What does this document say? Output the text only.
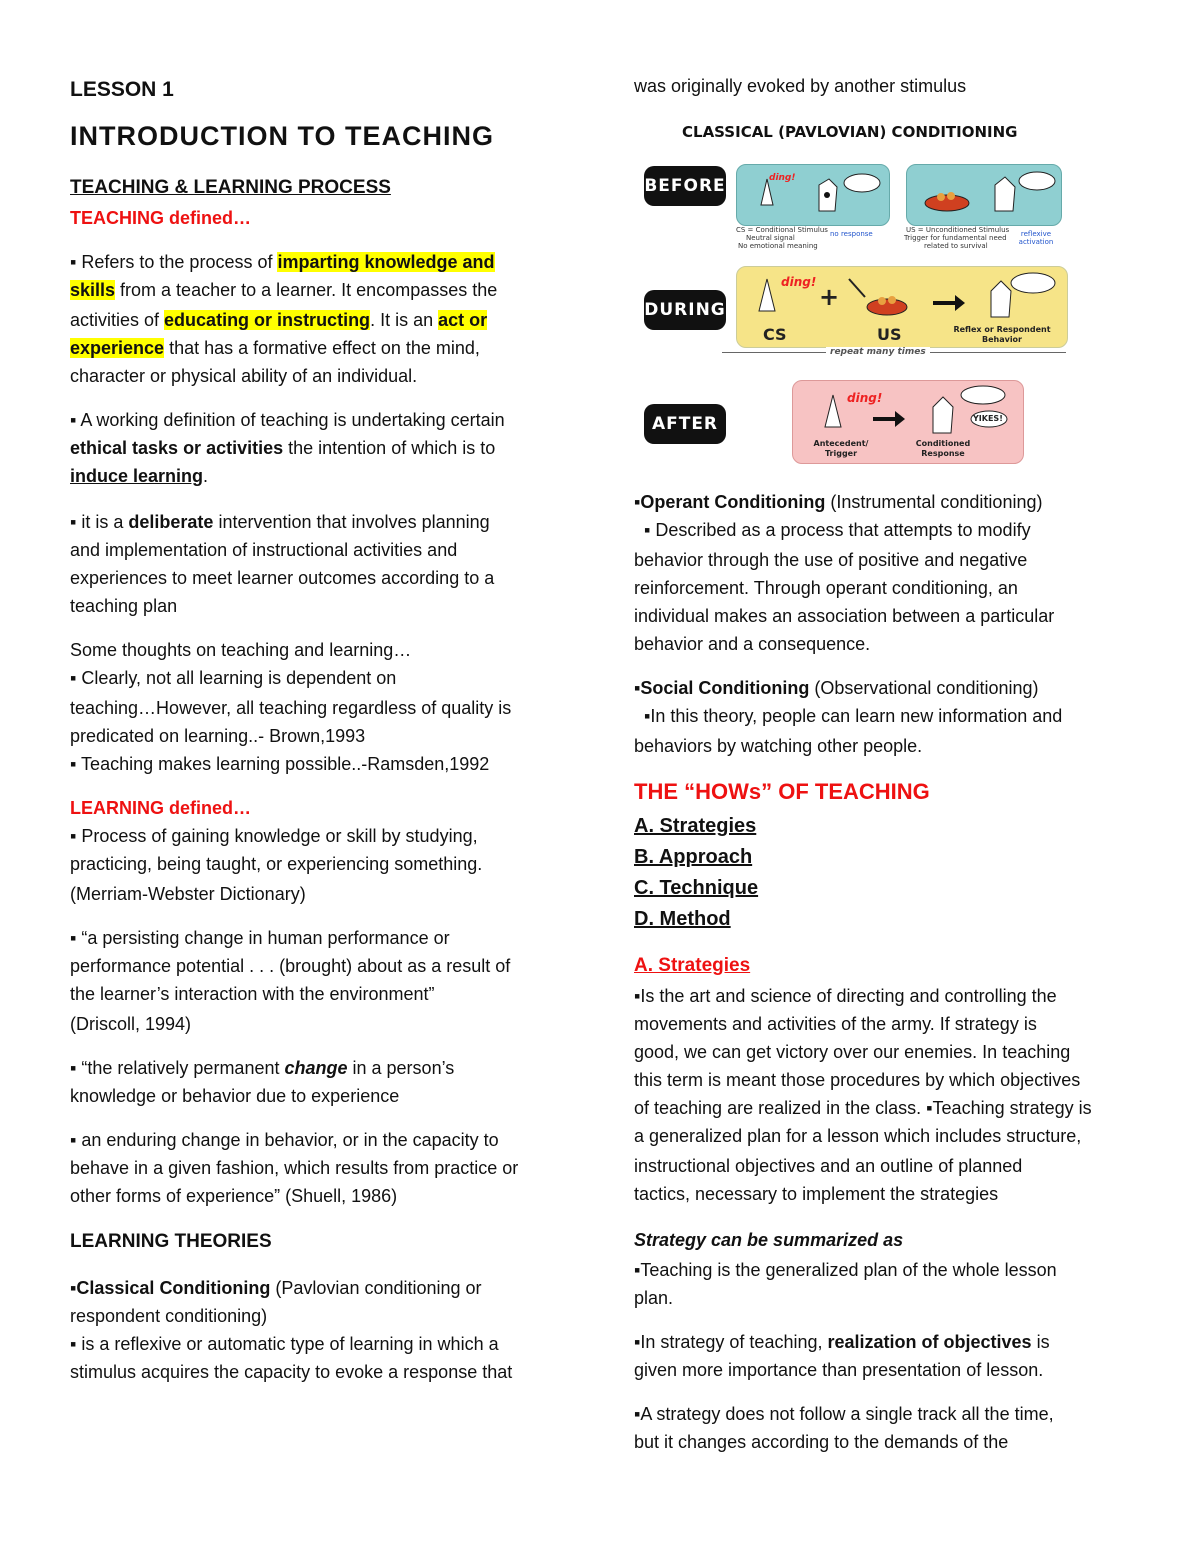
LESSON 1
INTRODUCTION TO TEACHING
TEACHING & LEARNING PROCESS
TEACHING defined…
▪ Refers to the process of imparting knowledge and
skills from a teacher to a learner. It encompasses the
activities of educating or instructing. It is an act or
experience that has a formative effect on the mind,
character or physical ability of an individual.
▪ A working definition of teaching is undertaking certain
ethical tasks or activities the intention of which is to
induce learning.
▪ it is a deliberate intervention that involves planning
and implementation of instructional activities and
experiences to meet learner outcomes according to a
teaching plan
Some thoughts on teaching and learning…
▪ Clearly, not all learning is dependent on
teaching…However, all teaching regardless of quality is
predicated on learning..- Brown,1993
▪ Teaching makes learning possible..-Ramsden,1992
LEARNING defined…
▪ Process of gaining knowledge or skill by studying,
practicing, being taught, or experiencing something.
(Merriam-Webster Dictionary)
▪ “a persisting change in human performance or
performance potential . . . (brought) about as a result of
the learner’s interaction with the environment”
(Driscoll, 1994)
▪ “the relatively permanent change in a person’s
knowledge or behavior due to experience
▪ an enduring change in behavior, or in the capacity to
behave in a given fashion, which results from practice or
other forms of experience” (Shuell, 1986)
LEARNING THEORIES
▪Classical Conditioning (Pavlovian conditioning or
respondent conditioning)
▪ is a reflexive or automatic type of learning in which a
stimulus acquires the capacity to evoke a response that
was originally evoked by another stimulus
CLASSICAL (PAVLOVIAN) CONDITIONING
BEFORE	ding!
CS = Conditional Stimulus
Neutral signal
No emotional meaning
no response	US = Unconditioned Stimulus
Trigger for fundamental need
related to survival
reflexive activation
DURING
ding!
+
CS	US	Reflex or Respondent Behavior
repeat many times
AFTER
ding!
YIKES!
Antecedent/ Trigger
Conditioned Response
▪Operant Conditioning (Instrumental conditioning)
▪ Described as a process that attempts to modify
behavior through the use of positive and negative
reinforcement. Through operant conditioning, an
individual makes an association between a particular
behavior and a consequence.
▪Social Conditioning (Observational conditioning)
▪In this theory, people can learn new information and
behaviors by watching other people.
THE “HOWs” OF TEACHING
A. Strategies
B. Approach
C. Technique
D. Method
A. Strategies
▪Is the art and science of directing and controlling the
movements and activities of the army. If strategy is
good, we can get victory over our enemies. In teaching
this term is meant those procedures by which objectives
of teaching are realized in the class. ▪Teaching strategy is
a generalized plan for a lesson which includes structure,
instructional objectives and an outline of planned
tactics, necessary to implement the strategies
Strategy can be summarized as
▪Teaching is the generalized plan of the whole lesson
plan.
▪In strategy of teaching, realization of objectives is
given more importance than presentation of lesson.
▪A strategy does not follow a single track all the time,
but it changes according to the demands of the
